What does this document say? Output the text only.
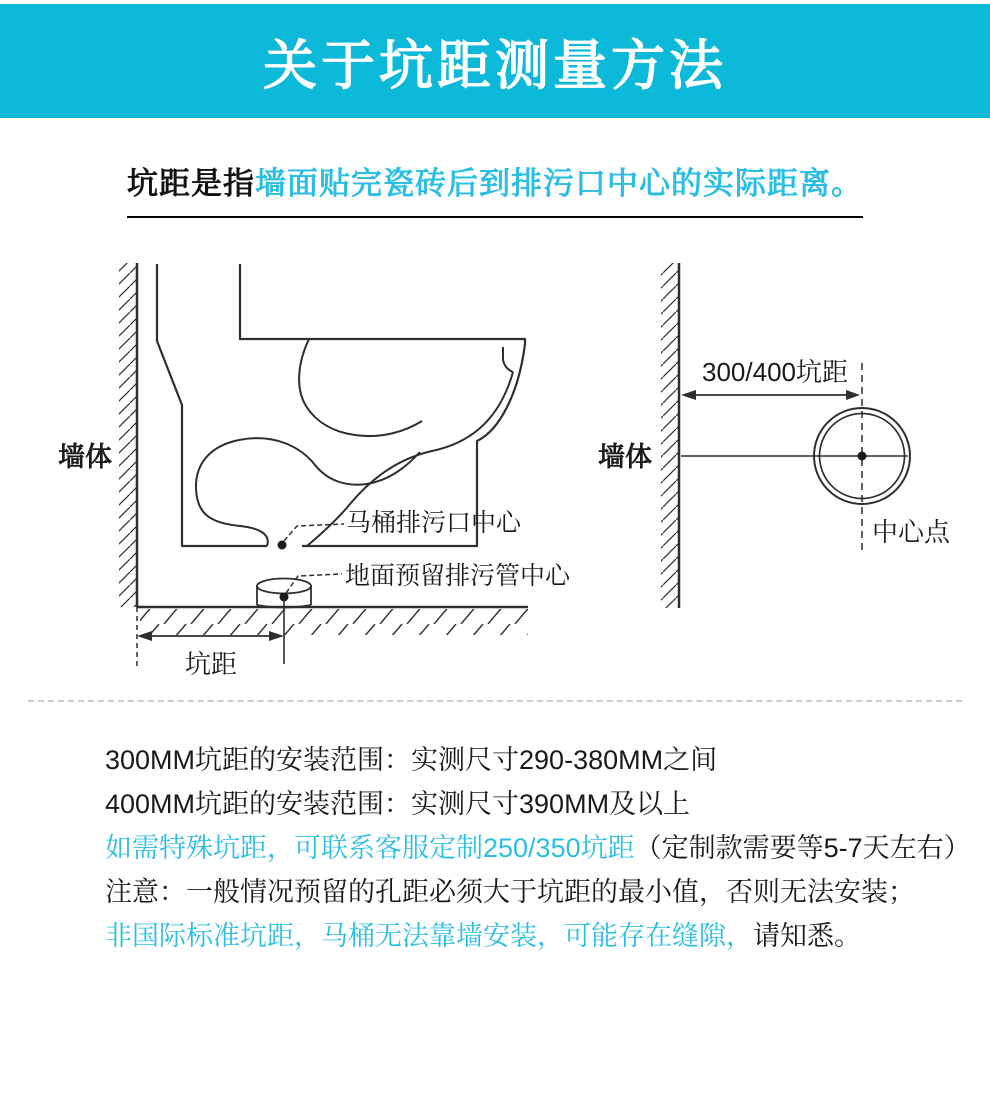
关于坑距测量方法
坑距是指墙面贴完瓷砖后到排污口中心的实际距离。
墙体
马桶排污口中心
地面预留排污管中心
坑距
墙体
300/400坑距
中心点
300MM坑距的安装范围：实测尺寸290-380MM之间
400MM坑距的安装范围：实测尺寸390MM及以上
如需特殊坑距，可联系客服定制250/350坑距（定制款需要等5-7天左右）
注意：一般情况预留的孔距必须大于坑距的最小值，否则无法安装；
非国际标准坑距，马桶无法靠墙安装，可能存在缝隙，请知悉。
